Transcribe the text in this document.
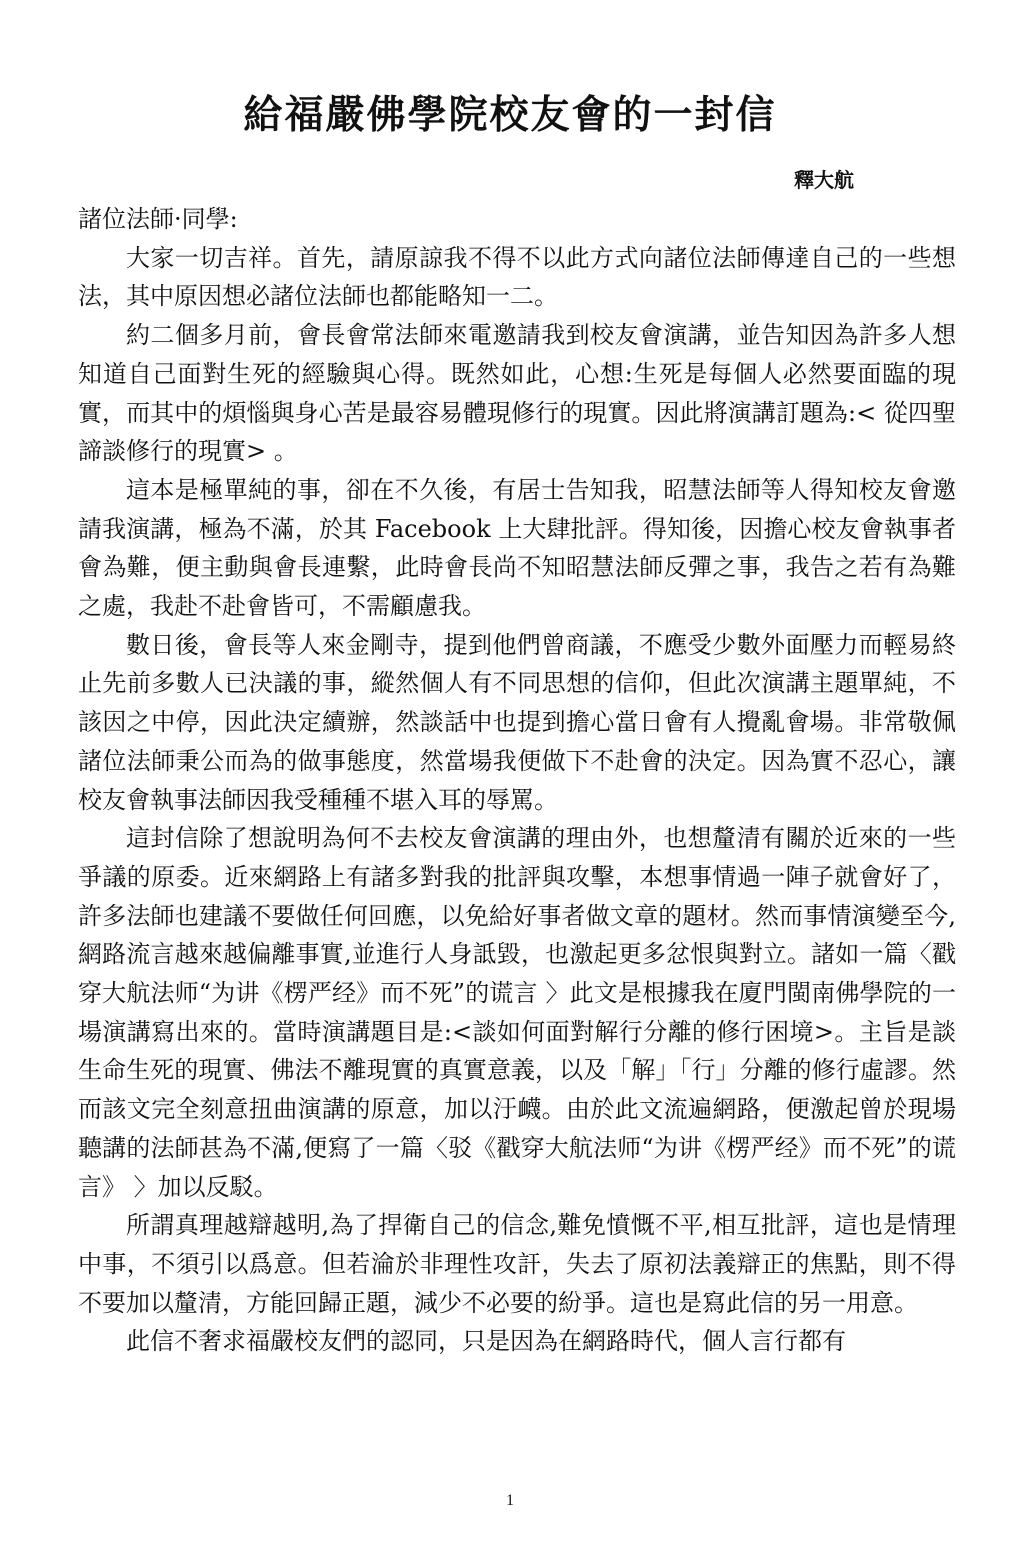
給福嚴佛學院校友會的一封信
釋大航

諸位法師·同學:

大家一切吉祥。首先，請原諒我不得不以此方式向諸位法師傳達自己的一些想法，其中原因想必諸位法師也都能略知一二。

約二個多月前，會長會常法師來電邀請我到校友會演講，並告知因為許多人想知道自己面對生死的經驗與心得。既然如此，心想:生死是每個人必然要面臨的現實，而其中的煩惱與身心苦是最容易體現修行的現實。因此將演講訂題為:< 從四聖諦談修行的現實> 。

這本是極單純的事，卻在不久後，有居士告知我，昭慧法師等人得知校友會邀請我演講，極為不滿，於其 Facebook 上大肆批評。得知後，因擔心校友會執事者會為難，便主動與會長連繫，此時會長尚不知昭慧法師反彈之事，我告之若有為難之處，我赴不赴會皆可，不需顧慮我。

數日後，會長等人來金剛寺，提到他們曾商議，不應受少數外面壓力而輕易終止先前多數人已決議的事，縱然個人有不同思想的信仰，但此次演講主題單純，不該因之中停，因此決定續辦，然談話中也提到擔心當日會有人攪亂會場。非常敬佩諸位法師秉公而為的做事態度，然當場我便做下不赴會的決定。因為實不忍心，讓校友會執事法師因我受種種不堪入耳的辱罵。

這封信除了想說明為何不去校友會演講的理由外，也想釐清有關於近來的一些爭議的原委。近來網路上有諸多對我的批評與攻擊，本想事情過一陣子就會好了，許多法師也建議不要做任何回應，以免給好事者做文章的題材。然而事情演變至今,網路流言越來越偏離事實,並進行人身詆毀，也激起更多忿恨與對立。諸如一篇〈戳穿大航法师“为讲《楞严经》而不死”的谎言 〉此文是根據我在廈門閩南佛學院的一場演講寫出來的。當時演講題目是:<談如何面對解行分離的修行困境>。主旨是談生命生死的現實、佛法不離現實的真實意義，以及「解」「行」分離的修行虛謬。然而該文完全刻意扭曲演講的原意，加以汙衊。由於此文流遍網路，便激起曾於現場聽講的法師甚為不滿,便寫了一篇〈驳《戳穿大航法师“为讲《楞严经》而不死”的谎言》 〉加以反駁。

所謂真理越辯越明,為了捍衛自己的信念,難免憤慨不平,相互批評，這也是情理中事，不須引以爲意。但若淪於非理性攻訐，失去了原初法義辯正的焦點，則不得不要加以釐清，方能回歸正題，減少不必要的紛爭。這也是寫此信的另一用意。

此信不奢求福嚴校友們的認同，只是因為在網路時代，個人言行都有

1
